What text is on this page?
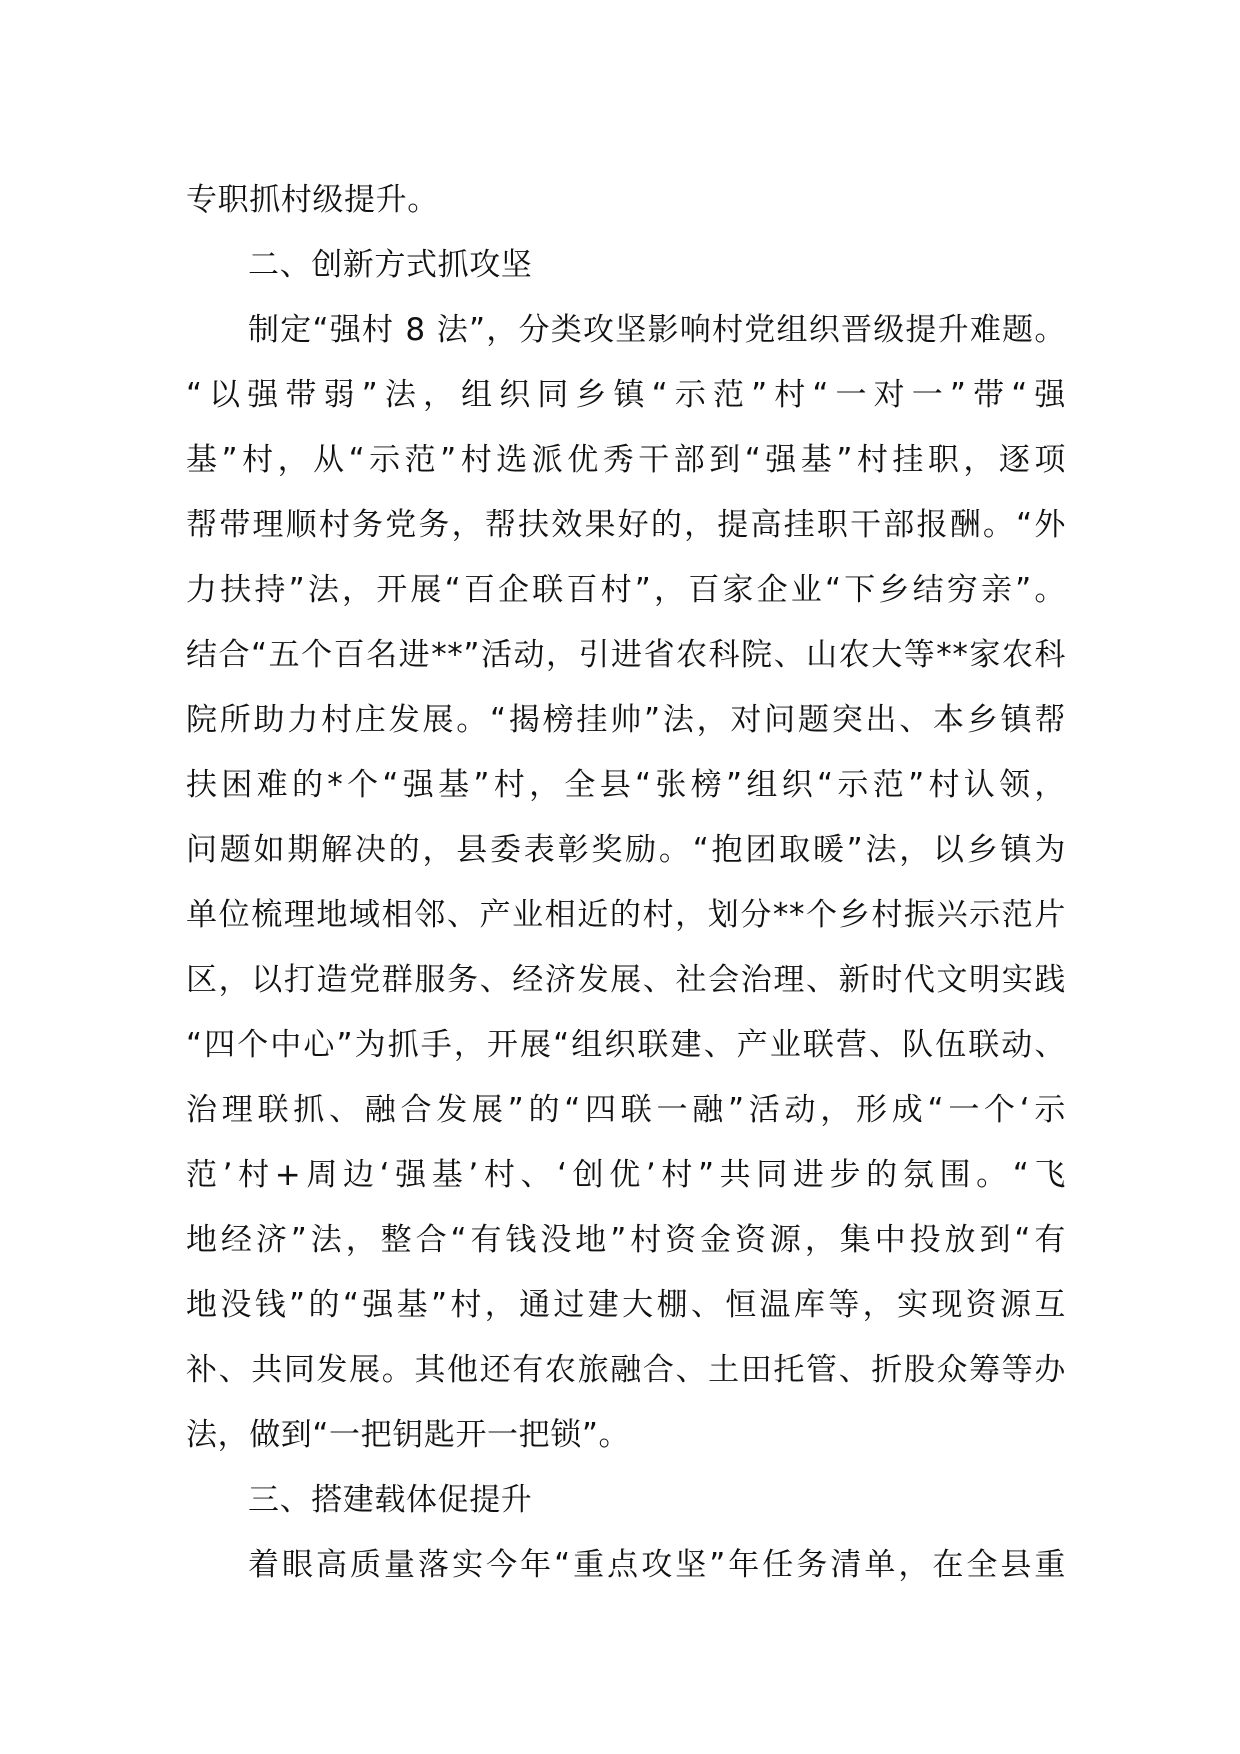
专职抓村级提升。
二、创新方式抓攻坚
制定“强村 8 法”，分类攻坚影响村党组织晋级提升难题。
“以强带弱”法，组织同乡镇“示范”村“一对一”带“强
基”村，从“示范”村选派优秀干部到“强基”村挂职，逐项
帮带理顺村务党务，帮扶效果好的，提高挂职干部报酬。“外
力扶持”法，开展“百企联百村”，百家企业“下乡结穷亲”。
结合“五个百名进**”活动，引进省农科院、山农大等**家农科
院所助力村庄发展。“揭榜挂帅”法，对问题突出、本乡镇帮
扶困难的*个“强基”村，全县“张榜”组织“示范”村认领，
问题如期解决的，县委表彰奖励。“抱团取暖”法，以乡镇为
单位梳理地域相邻、产业相近的村，划分**个乡村振兴示范片
区，以打造党群服务、经济发展、社会治理、新时代文明实践
“四个中心”为抓手，开展“组织联建、产业联营、队伍联动、
治理联抓、融合发展”的“四联一融”活动，形成“一个‘示
范’村+周边‘强基’村、‘创优’村”共同进步的氛围。“飞
地经济”法，整合“有钱没地”村资金资源，集中投放到“有
地没钱”的“强基”村，通过建大棚、恒温库等，实现资源互
补、共同发展。其他还有农旅融合、土田托管、折股众筹等办
法，做到“一把钥匙开一把锁”。
三、搭建载体促提升
着眼高质量落实今年“重点攻坚”年任务清单，在全县重
